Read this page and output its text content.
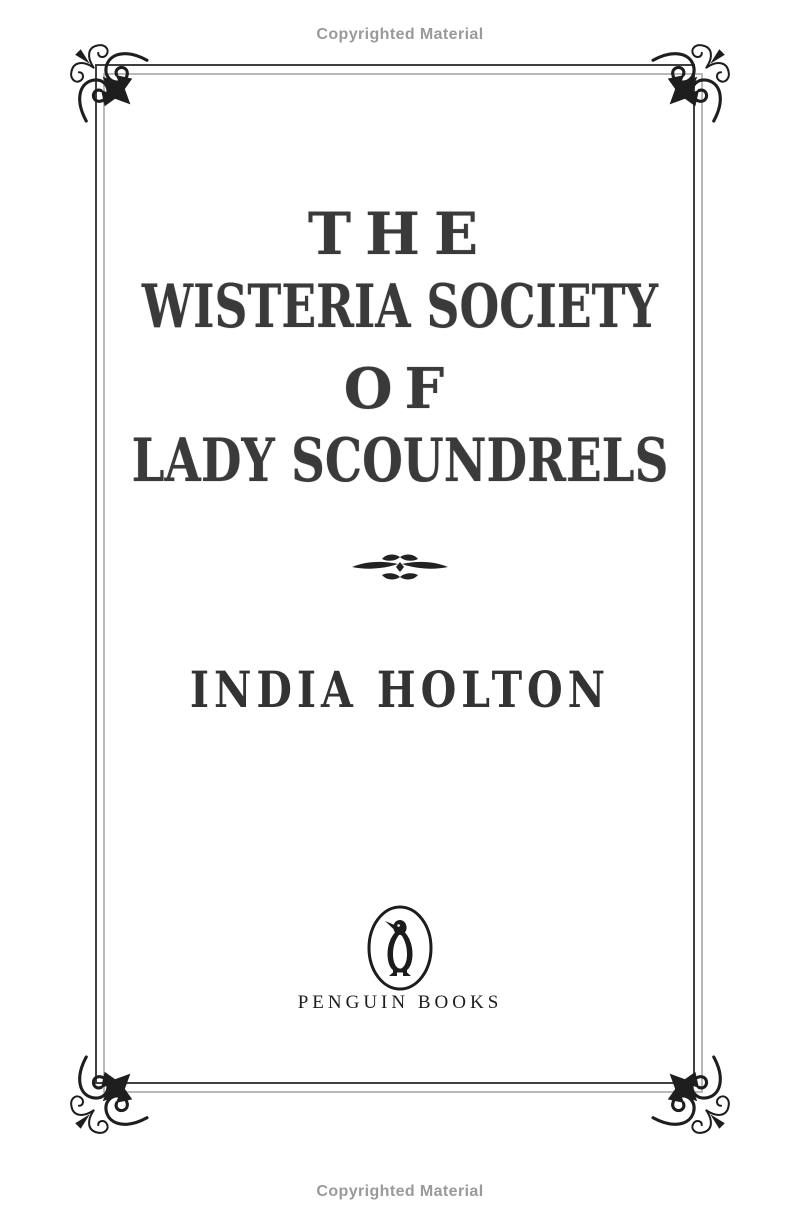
Copyrighted Material
THE
WISTERIA SOCIETY
OF
LADY SCOUNDRELS
INDIA HOLTON
PENGUIN BOOKS
Copyrighted Material
